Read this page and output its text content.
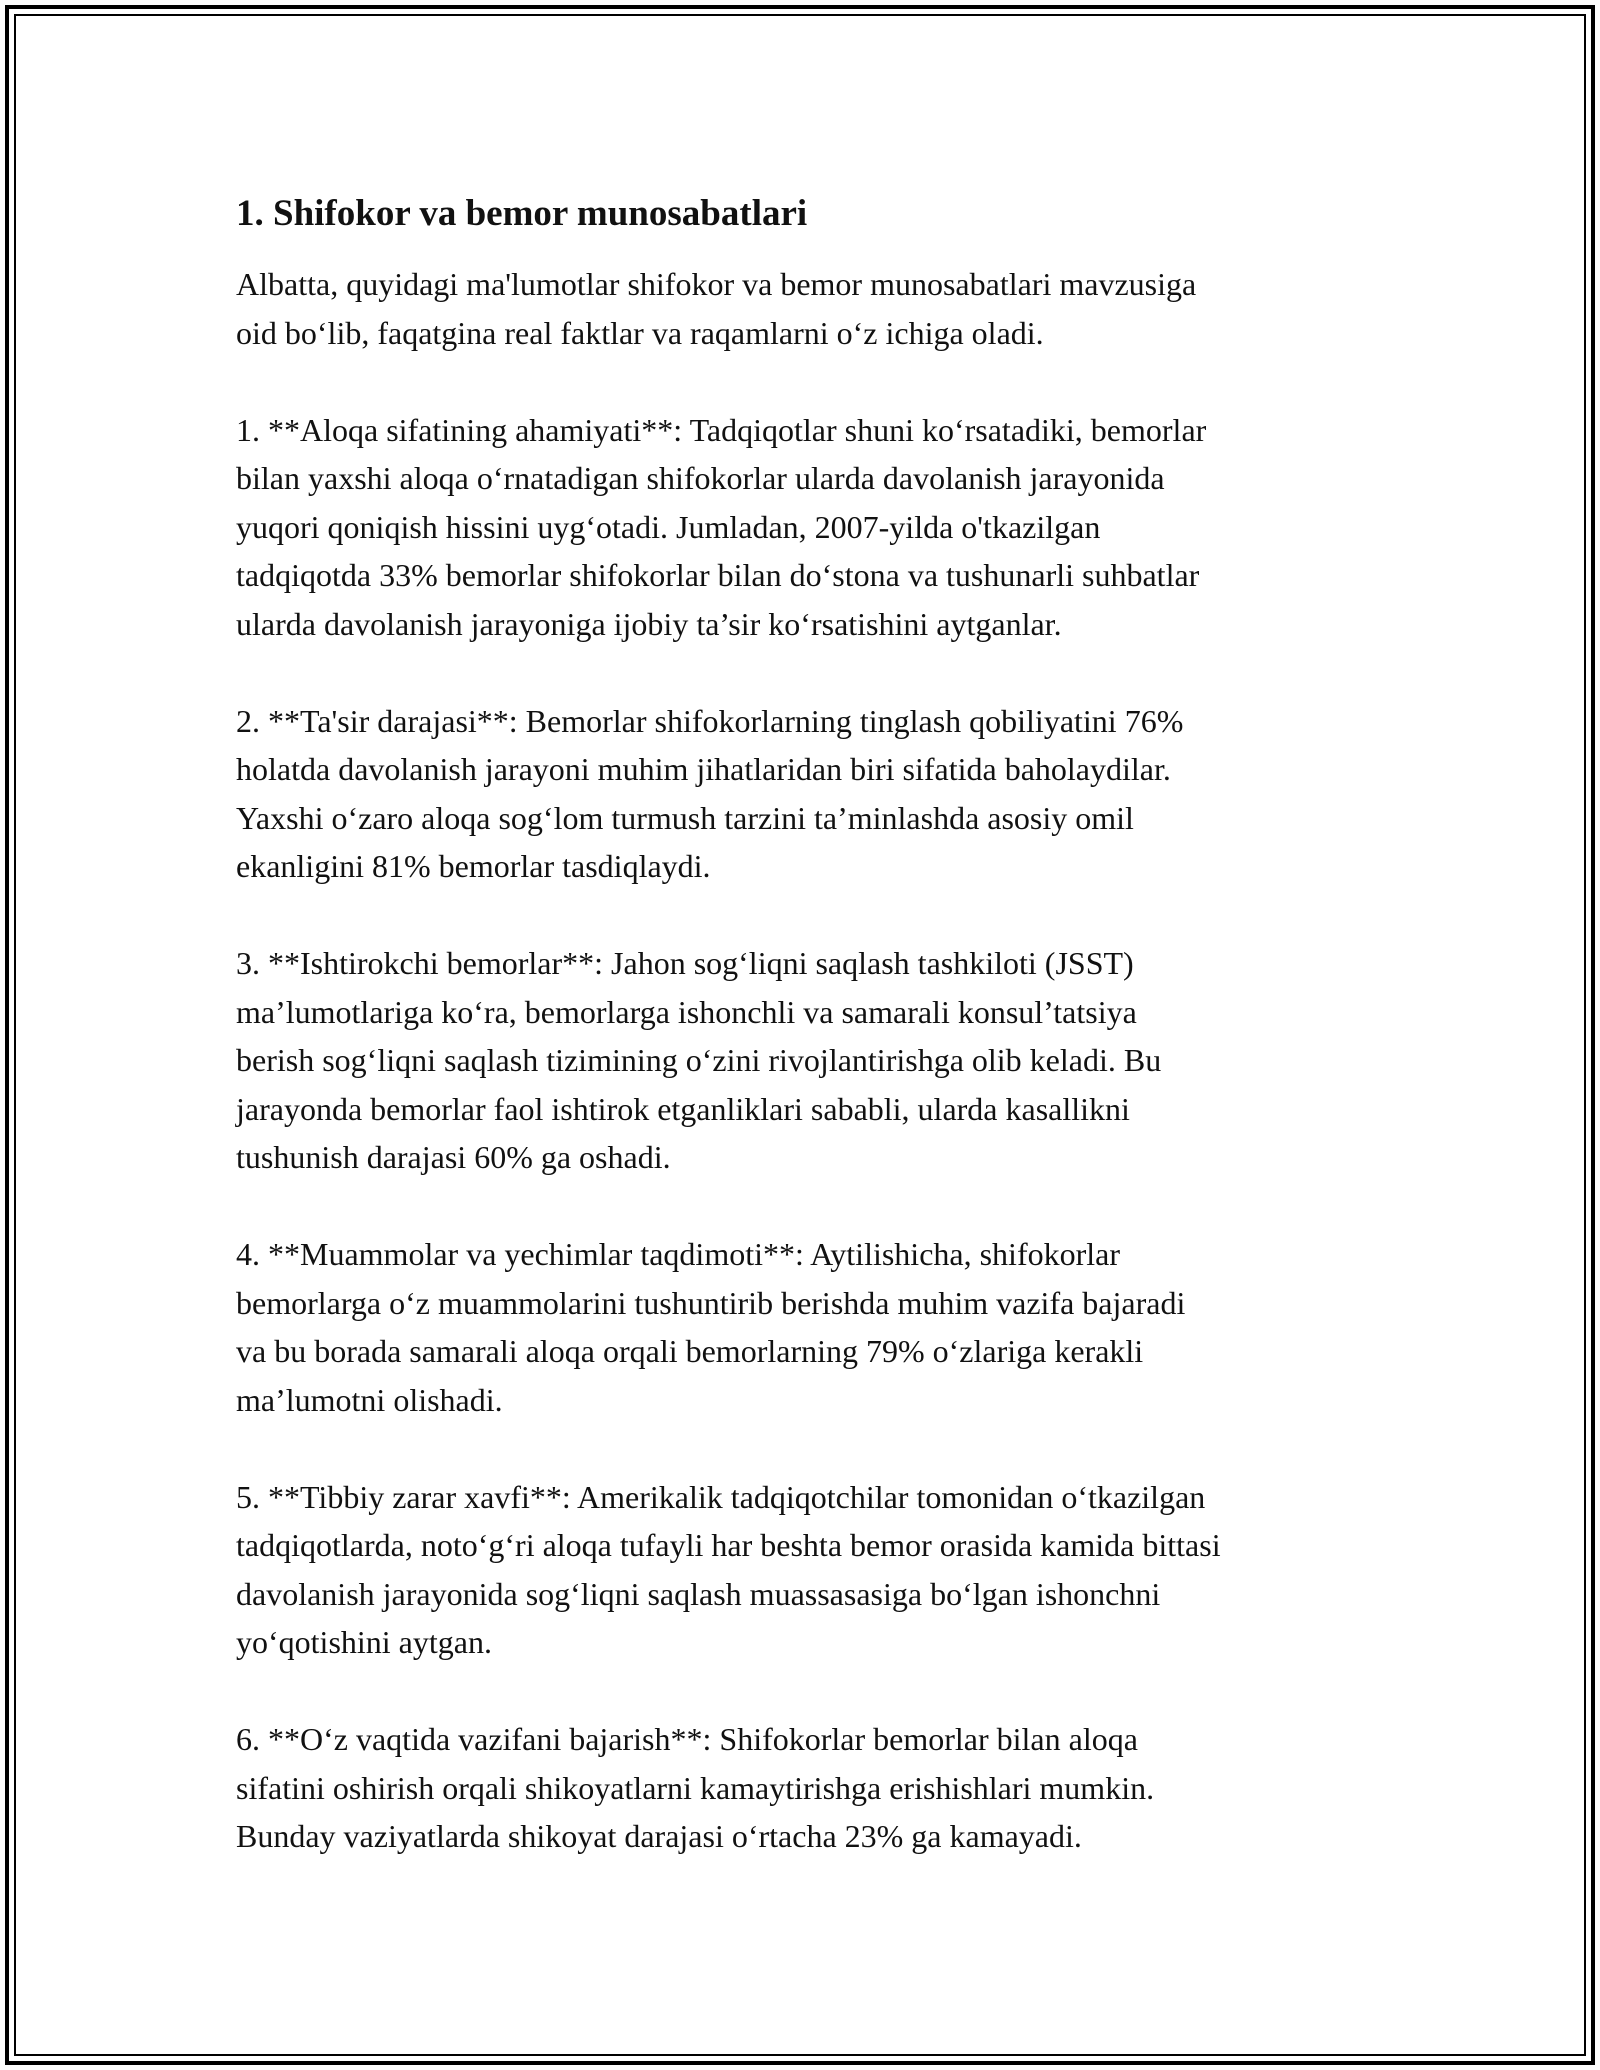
1. Shifokor va bemor munosabatlari
Albatta, quyidagi ma'lumotlar shifokor va bemor munosabatlari mavzusiga
oid bo‘lib, faqatgina real faktlar va raqamlarni o‘z ichiga oladi.
1. **Aloqa sifatining ahamiyati**: Tadqiqotlar shuni ko‘rsatadiki, bemorlar
bilan yaxshi aloqa o‘rnatadigan shifokorlar ularda davolanish jarayonida
yuqori qoniqish hissini uyg‘otadi. Jumladan, 2007-yilda o'tkazilgan
tadqiqotda 33% bemorlar shifokorlar bilan do‘stona va tushunarli suhbatlar
ularda davolanish jarayoniga ijobiy ta’sir ko‘rsatishini aytganlar.
2. **Ta'sir darajasi**: Bemorlar shifokorlarning tinglash qobiliyatini 76%
holatda davolanish jarayoni muhim jihatlaridan biri sifatida baholaydilar.
Yaxshi o‘zaro aloqa sog‘lom turmush tarzini ta’minlashda asosiy omil
ekanligini 81% bemorlar tasdiqlaydi.
3. **Ishtirokchi bemorlar**: Jahon sog‘liqni saqlash tashkiloti (JSST)
ma’lumotlariga ko‘ra, bemorlarga ishonchli va samarali konsul’tatsiya
berish sog‘liqni saqlash tizimining o‘zini rivojlantirishga olib keladi. Bu
jarayonda bemorlar faol ishtirok etganliklari sababli, ularda kasallikni
tushunish darajasi 60% ga oshadi.
4. **Muammolar va yechimlar taqdimoti**: Aytilishicha, shifokorlar
bemorlarga o‘z muammolarini tushuntirib berishda muhim vazifa bajaradi
va bu borada samarali aloqa orqali bemorlarning 79% o‘zlariga kerakli
ma’lumotni olishadi.
5. **Tibbiy zarar xavfi**: Amerikalik tadqiqotchilar tomonidan o‘tkazilgan
tadqiqotlarda, noto‘g‘ri aloqa tufayli har beshta bemor orasida kamida bittasi
davolanish jarayonida sog‘liqni saqlash muassasasiga bo‘lgan ishonchni
yo‘qotishini aytgan.
6. **O‘z vaqtida vazifani bajarish**: Shifokorlar bemorlar bilan aloqa
sifatini oshirish orqali shikoyatlarni kamaytirishga erishishlari mumkin.
Bunday vaziyatlarda shikoyat darajasi o‘rtacha 23% ga kamayadi.
